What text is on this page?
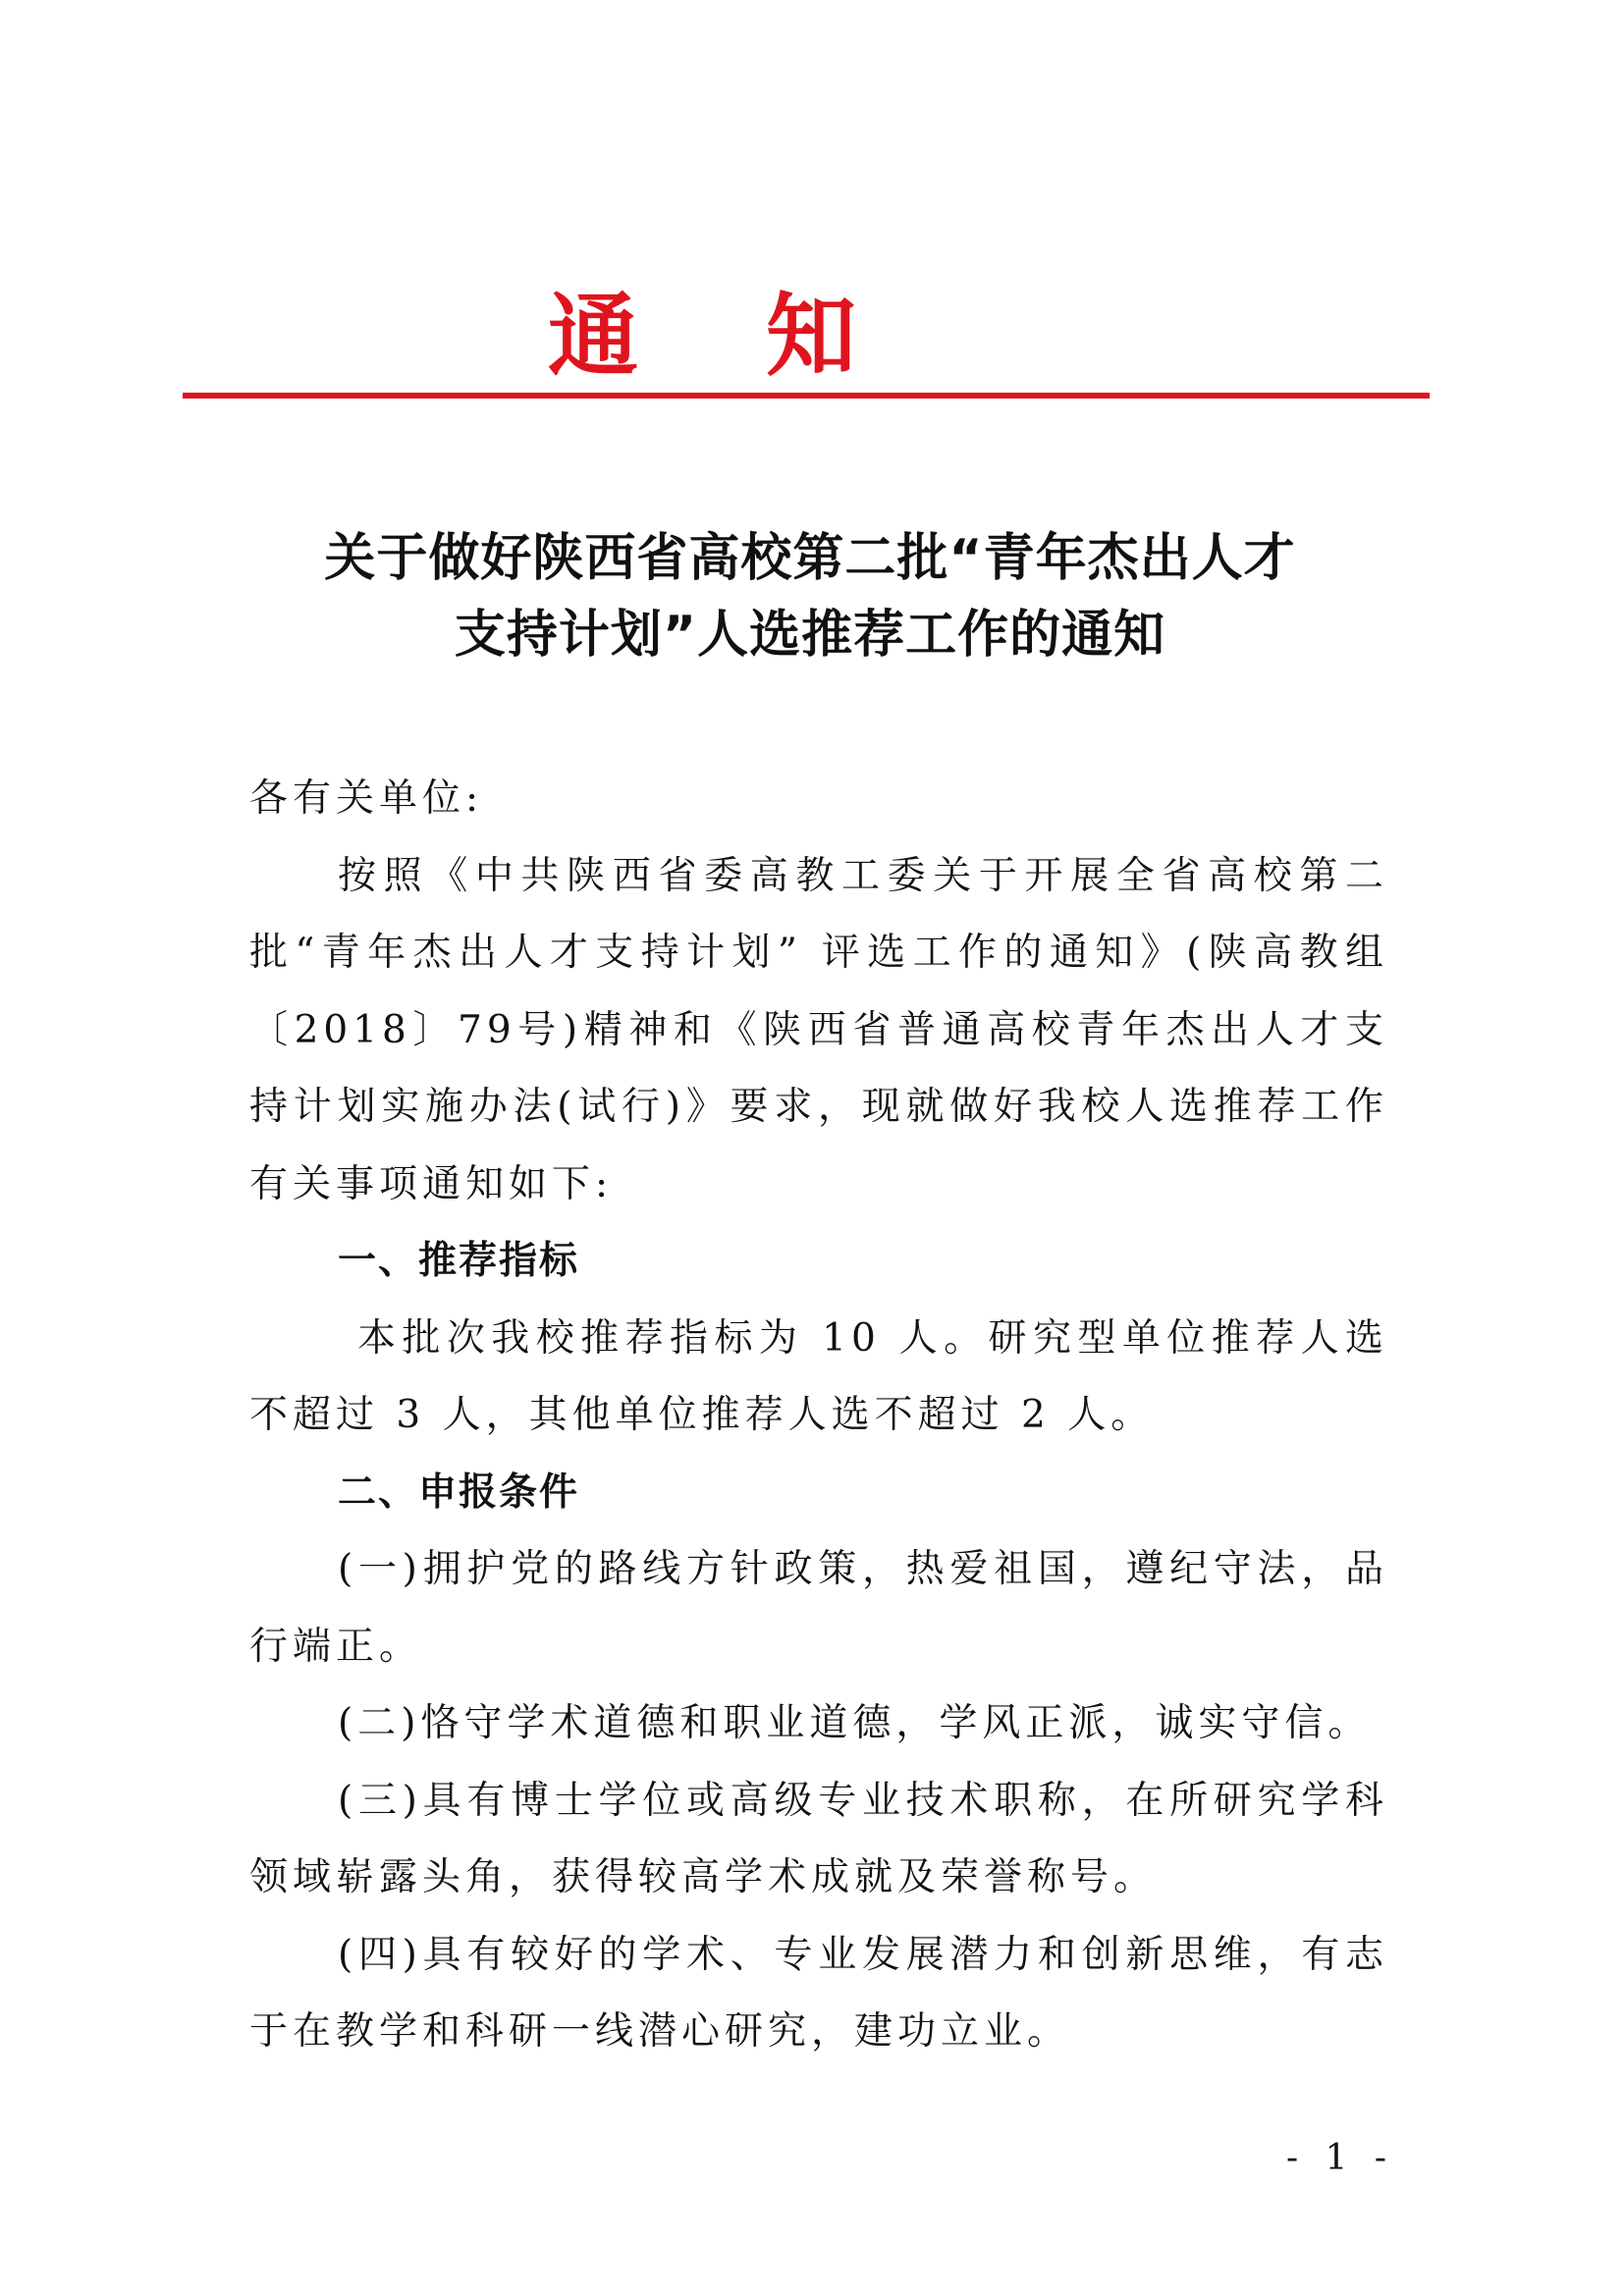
通知
关于做好陕西省高校第二批“青年杰出人才
支持计划”人选推荐工作的通知

各有关单位:

按照《中共陕西省委高教工委关于开展全省高校第二批“青年杰出人才支持计划” 评选工作的通知》(陕高教组〔2018〕79号)精神和《陕西省普通高校青年杰出人才支持计划实施办法(试行)》要求，现就做好我校人选推荐工作有关事项通知如下:

一、推荐指标

本批次我校推荐指标为 10 人。研究型单位推荐人选不超过 3 人，其他单位推荐人选不超过 2 人。

二、申报条件

(一)拥护党的路线方针政策，热爱祖国，遵纪守法，品行端正。

(二)恪守学术道德和职业道德，学风正派，诚实守信。

(三)具有博士学位或高级专业技术职称，在所研究学科领域崭露头角，获得较高学术成就及荣誉称号。

(四)具有较好的学术、专业发展潜力和创新思维，有志于在教学和科研一线潜心研究，建功立业。

- 1 -
